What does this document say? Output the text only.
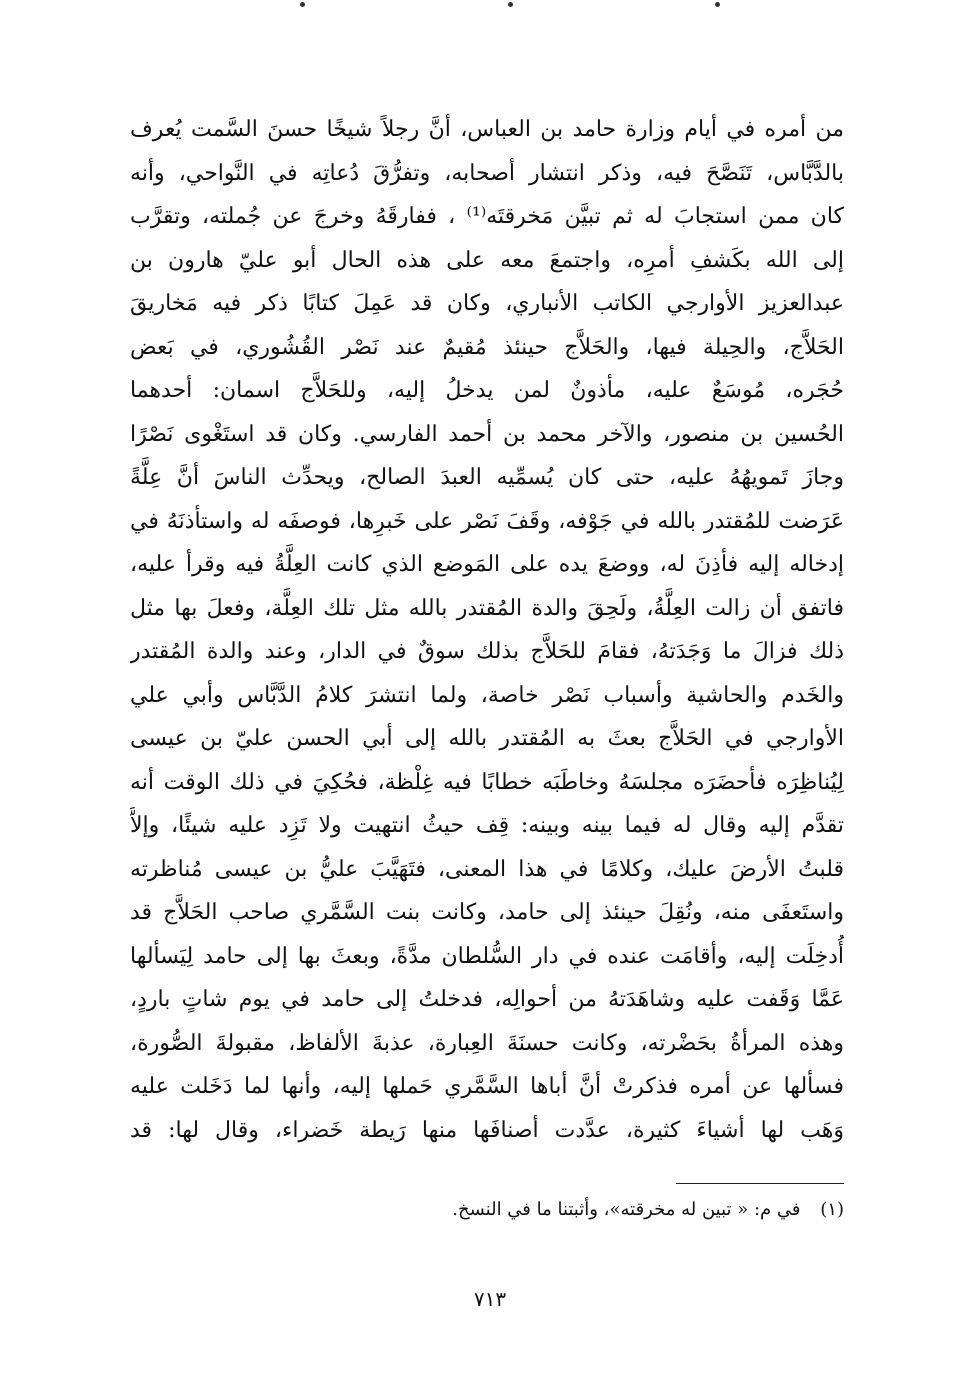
من أمره في أيام وزارة حامد بن العباس، أنَّ رجلاً شيخًا حسنَ السَّمت يُعرف
بالدَّبَّاس، تَنَصَّحَ فيه، وذكر انتشار أصحابه، وتفرُّقَ دُعاتِه في النَّواحي، وأنه
كان ممن استجابَ له ثم تبيَّن مَخرقتَه⁽¹⁾ ، ففارقَهُ وخرجَ عن جُملته، وتقرَّب
إلى الله بكَشفِ أمرِه، واجتمعَ معه على هذه الحال أبو عليّ هارون بن
عبدالعزيز الأوارجي الكاتب الأنباري، وكان قد عَمِلَ كتابًا ذكر فيه مَخاريقَ
الحَلاَّج، والحِيلة فيها، والحَلاَّج حينئذ مُقيمٌ عند نَصْر القُشُوري، في بَعض
حُجَره، مُوسَعٌ عليه، مأذونٌ لمن يدخلُ إليه، وللحَلاَّج اسمان: أحدهما
الحُسين بن منصور، والآخر محمد بن أحمد الفارسي. وكان قد استَغْوى نَصْرًا
وجازَ تَمويهُهُ عليه، حتى كان يُسمِّيه العبدَ الصالح، ويحدِّث الناسَ أنَّ عِلَّةً
عَرَضت للمُقتدر بالله في جَوْفه، وقَفَ نَصْر على خَبرِها، فوصفَه له واستأذنَهُ في
إدخاله إليه فأذِنَ له، ووضعَ يده على المَوضع الذي كانت العِلَّةُ فيه وقرأ عليه،
فاتفق أن زالت العِلَّةُ، ولَحِقَ والدة المُقتدر بالله مثل تلك العِلَّة، وفعلَ بها مثل
ذلك فزالَ ما وَجَدَتهُ، فقامَ للحَلاَّج بذلك سوقٌ في الدار، وعند والدة المُقتدر
والخَدم والحاشية وأسباب نَصْر خاصة، ولما انتشرَ كلامُ الدَّبَّاس وأبي علي
الأوارجي في الحَلاَّج بعثَ به المُقتدر بالله إلى أبي الحسن عليّ بن عيسى
لِيُناظِرَه فأحضَرَه مجلسَهُ وخاطَبَه خطابًا فيه غِلْظة، فحُكِيَ في ذلك الوقت أنه
تقدَّم إليه وقال له فيما بينه وبينه: قِف حيثُ انتهيت ولا تَزِد عليه شيئًا، وإلاَّ
قلبتُ الأرضَ عليك، وكلامًا في هذا المعنى، فتَهَيَّبَ عليُّ بن عيسى مُناظرته
واستَعفَى منه، ونُقِلَ حينئذ إلى حامد، وكانت بنت السَّمَّري صاحب الحَلاَّج قد
أُدخِلَت إليه، وأقامَت عنده في دار السُّلطان مدَّةً، وبعثَ بها إلى حامد لِيَسألها
عَمَّا وَقَفت عليه وشاهَدَتهُ من أحوالِه، فدخلتُ إلى حامد في يوم شاتٍ باردٍ،
وهذه المرأةُ بحَضْرته، وكانت حسنَةَ العِبارة، عذبةَ الألفاظ، مقبولةَ الصُّورة،
فسألها عن أمره فذكرتْ أنَّ أباها السَّمَّري حَملها إليه، وأنها لما دَخَلت عليه
وَهَب لها أشياءَ كثيرة، عدَّدت أصنافَها منها رَيطة خَضراء، وقال لها: قد
(١) في م: « تبين له مخرقته»، وأثبتنا ما في النسخ.
٧١٣
